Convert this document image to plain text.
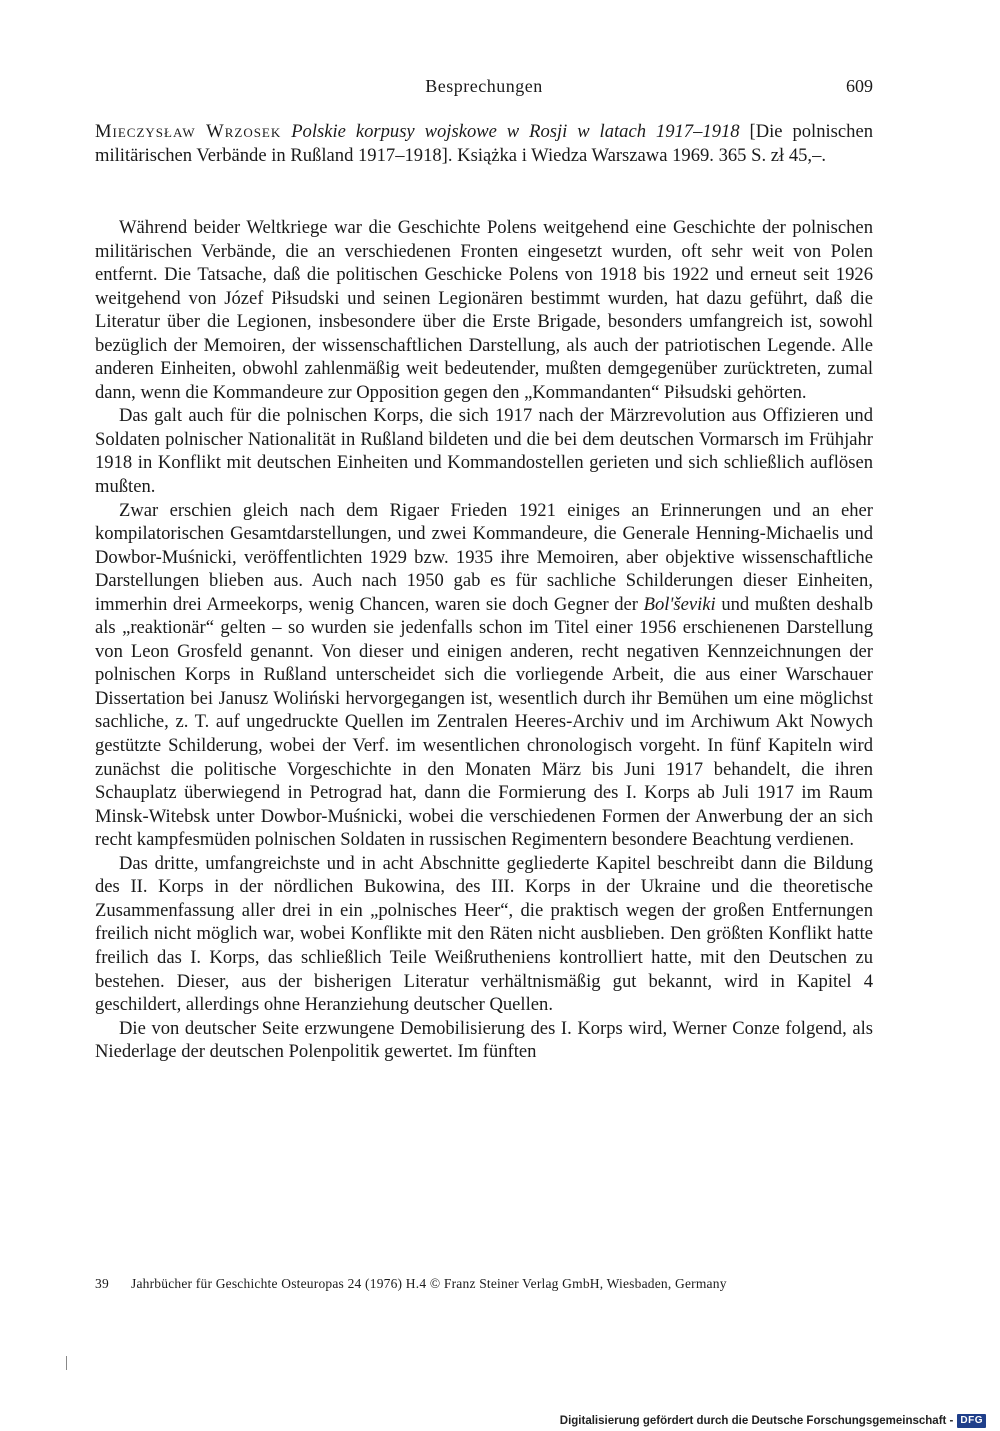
Besprechungen	609
Mieczysław Wrzosek Polskie korpusy wojskowe w Rosji w latach 1917–1918 [Die polnischen militärischen Verbände in Rußland 1917–1918]. Książka i Wiedza Warszawa 1969. 365 S. zł 45,–.

Während beider Weltkriege war die Geschichte Polens weitgehend eine Geschichte der polnischen militärischen Verbände, die an verschiedenen Fronten eingesetzt wurden, oft sehr weit von Polen entfernt. Die Tatsache, daß die politischen Geschicke Polens von 1918 bis 1922 und erneut seit 1926 weitgehend von Józef Piłsudski und seinen Legionären bestimmt wurden, hat dazu geführt, daß die Literatur über die Legionen, insbesondere über die Erste Brigade, besonders umfangreich ist, sowohl bezüglich der Memoiren, der wissenschaftlichen Darstellung, als auch der patriotischen Legende. Alle anderen Einheiten, obwohl zahlenmäßig weit bedeutender, mußten demgegenüber zurücktreten, zumal dann, wenn die Kommandeure zur Opposition gegen den „Kommandanten“ Piłsudski gehörten.

Das galt auch für die polnischen Korps, die sich 1917 nach der Märzrevolution aus Offizieren und Soldaten polnischer Nationalität in Rußland bildeten und die bei dem deutschen Vormarsch im Frühjahr 1918 in Konflikt mit deutschen Einheiten und Kommandostellen gerieten und sich schließlich auflösen mußten.

Zwar erschien gleich nach dem Rigaer Frieden 1921 einiges an Erinnerungen und an eher kompilatorischen Gesamtdarstellungen, und zwei Kommandeure, die Generale Henning-Michaelis und Dowbor-Muśnicki, veröffentlichten 1929 bzw. 1935 ihre Memoiren, aber objektive wissenschaftliche Darstellungen blieben aus. Auch nach 1950 gab es für sachliche Schilderungen dieser Einheiten, immerhin drei Armeekorps, wenig Chancen, waren sie doch Gegner der Bol'ševiki und mußten deshalb als „reaktionär“ gelten – so wurden sie jedenfalls schon im Titel einer 1956 erschienenen Darstellung von Leon Grosfeld genannt. Von dieser und einigen anderen, recht negativen Kennzeichnungen der polnischen Korps in Rußland unterscheidet sich die vorliegende Arbeit, die aus einer Warschauer Dissertation bei Janusz Woliński hervorgegangen ist, wesentlich durch ihr Bemühen um eine möglichst sachliche, z. T. auf ungedruckte Quellen im Zentralen Heeres-Archiv und im Archiwum Akt Nowych gestützte Schilderung, wobei der Verf. im wesentlichen chronologisch vorgeht. In fünf Kapiteln wird zunächst die politische Vorgeschichte in den Monaten März bis Juni 1917 behandelt, die ihren Schauplatz überwiegend in Petrograd hat, dann die Formierung des I. Korps ab Juli 1917 im Raum Minsk-Witebsk unter Dowbor-Muśnicki, wobei die verschiedenen Formen der Anwerbung der an sich recht kampfesmüden polnischen Soldaten in russischen Regimentern besondere Beachtung verdienen.

Das dritte, umfangreichste und in acht Abschnitte gegliederte Kapitel beschreibt dann die Bildung des II. Korps in der nördlichen Bukowina, des III. Korps in der Ukraine und die theoretische Zusammenfassung aller drei in ein „polnisches Heer“, die praktisch wegen der großen Entfernungen freilich nicht möglich war, wobei Konflikte mit den Räten nicht ausblieben. Den größten Konflikt hatte freilich das I. Korps, das schließlich Teile Weißrutheniens kontrolliert hatte, mit den Deutschen zu bestehen. Dieser, aus der bisherigen Literatur verhältnismäßig gut bekannt, wird in Kapitel 4 geschildert, allerdings ohne Heranziehung deutscher Quellen.

Die von deutscher Seite erzwungene Demobilisierung des I. Korps wird, Werner Conze folgend, als Niederlage der deutschen Polenpolitik gewertet. Im fünften

39 Jahrbücher für Geschichte Osteuropas 24 (1976) H.4 © Franz Steiner Verlag GmbH, Wiesbaden, Germany
Digitalisierung gefördert durch die Deutsche Forschungsgemeinschaft - DFG
